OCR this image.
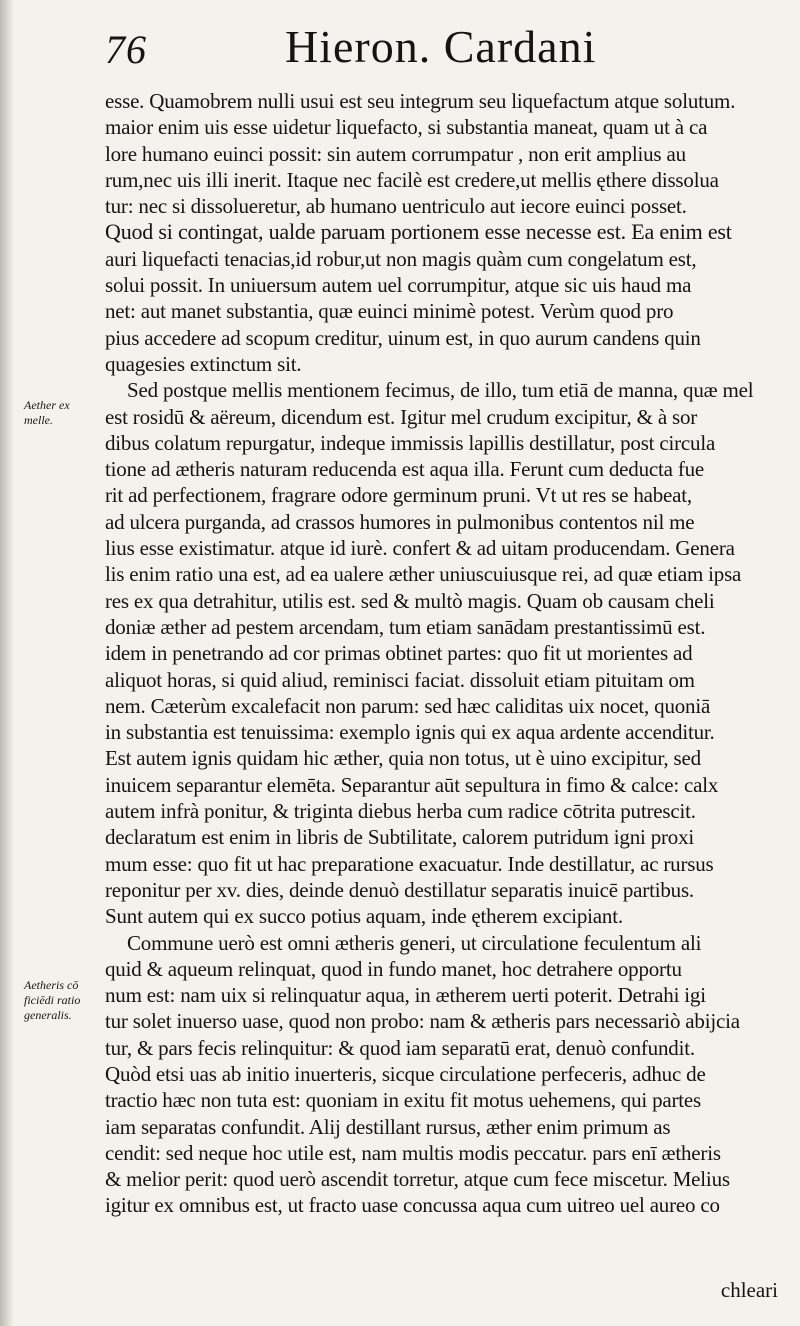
76	Hieron. Cardani
Aether ex
melle.
Aetheris cō
ficiēdi ratio
generalis.
esse. Quamobrem nulli usui est seu integrum seu liquefactum atque solutum.
maior enim uis esse uidetur liquefacto, si substantia maneat, quam ut à ca
lore humano euinci possit: sin autem corrumpatur , non erit amplius au
rum,nec uis illi inerit. Itaque nec facilè est credere,ut mellis ęthere dissolua
tur: nec si dissolueretur, ab humano uentriculo aut iecore euinci posset.
Quod si contingat, ualde paruam portionem esse necesse est. Ea enim est
auri liquefacti tenacias,id robur,ut non magis quàm cum congelatum est,
solui possit. In uniuersum autem uel corrumpitur, atque sic uis haud ma
net: aut manet substantia, quæ euinci minimè potest. Verùm quod pro
pius accedere ad scopum creditur, uinum est, in quo aurum candens quin
quagesies extinctum sit.
Sed postque mellis mentionem fecimus, de illo, tum etiā de manna, quæ mel
est rosidū & aëreum, dicendum est. Igitur mel crudum excipitur, & à sor
dibus colatum repurgatur, indeque immissis lapillis destillatur, post circula
tione ad ætheris naturam reducenda est aqua illa. Ferunt cum deducta fue
rit ad perfectionem, fragrare odore germinum pruni. Vt ut res se habeat,
ad ulcera purganda, ad crassos humores in pulmonibus contentos nil me
lius esse existimatur. atque id iurè. confert & ad uitam producendam. Genera
lis enim ratio una est, ad ea ualere æther uniuscuiusque rei, ad quæ etiam ipsa
res ex qua detrahitur, utilis est. sed & multò magis. Quam ob causam cheli
doniæ æther ad pestem arcendam, tum etiam sanādam prestantissimū est.
idem in penetrando ad cor primas obtinet partes: quo fit ut morientes ad
aliquot horas, si quid aliud, reminisci faciat. dissoluit etiam pituitam om
nem. Cæterùm excalefacit non parum: sed hæc caliditas uix nocet, quoniā
in substantia est tenuissima: exemplo ignis qui ex aqua ardente accenditur.
Est autem ignis quidam hic æther, quia non totus, ut è uino excipitur, sed
inuicem separantur elemēta. Separantur aūt sepultura in fimo & calce: calx
autem infrà ponitur, & triginta diebus herba cum radice cōtrita putrescit.
declaratum est enim in libris de Subtilitate, calorem putridum igni proxi
mum esse: quo fit ut hac preparatione exacuatur. Inde destillatur, ac rursus
reponitur per xv. dies, deinde denuò destillatur separatis inuicē partibus.
Sunt autem qui ex succo potius aquam, inde ętherem excipiant.
Commune uerò est omni ætheris generi, ut circulatione feculentum ali
quid & aqueum relinquat, quod in fundo manet, hoc detrahere opportu
num est: nam uix si relinquatur aqua, in ætherem uerti poterit. Detrahi igi
tur solet inuerso uase, quod non probo: nam & ætheris pars necessariò abijcia
tur, & pars fecis relinquitur: & quod iam separatū erat, denuò confundit.
Quòd etsi uas ab initio inuerteris, sicque circulatione perfeceris, adhuc de
tractio hæc non tuta est: quoniam in exitu fit motus uehemens, qui partes
iam separatas confundit. Alij destillant rursus, æther enim primum as
cendit: sed neque hoc utile est, nam multis modis peccatur. pars enī ætheris
& melior perit: quod uerò ascendit torretur, atque cum fece miscetur. Melius
igitur ex omnibus est, ut fracto uase concussa aqua cum uitreo uel aureo co
chleari
